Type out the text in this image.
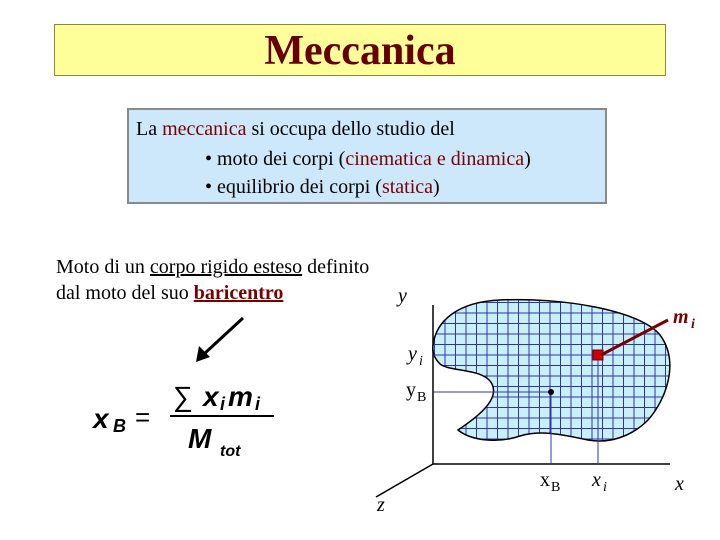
Meccanica
La meccanica si occupa dello studio del
• moto dei corpi (cinematica e dinamica)
• equilibrio dei corpi (statica)
Moto di un corpo rigido esteso definito
dal moto del suo baricentro
x B =
∑ x i m i
M tot
y
x
z
m i
y i
y B
x B x i
